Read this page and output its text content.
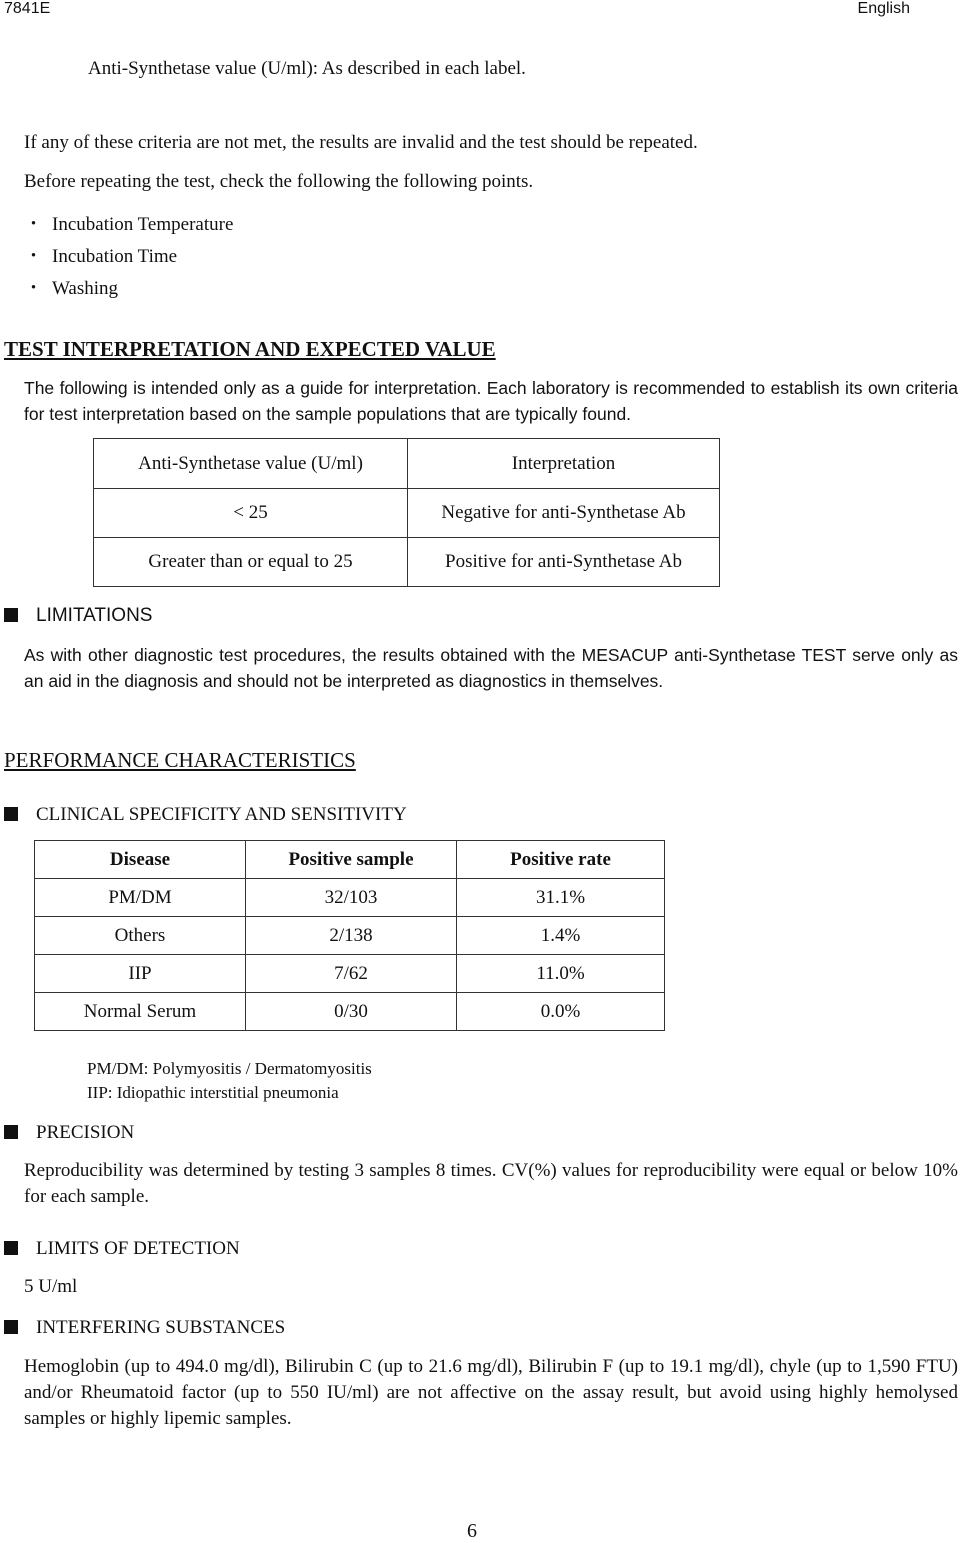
7841E	English
Anti-Synthetase value (U/ml): As described in each label.
If any of these criteria are not met, the results are invalid and the test should be repeated.
Before repeating the test, check the following the following points.
・ Incubation Temperature
・ Incubation Time
・ Washing
TEST INTERPRETATION AND EXPECTED VALUE
The following is intended only as a guide for interpretation. Each laboratory is recommended to establish its own criteria for test interpretation based on the sample populations that are typically found.
Anti-Synthetase value (U/ml)	Interpretation
< 25	Negative for anti-Synthetase Ab
Greater than or equal to 25	Positive for anti-Synthetase Ab
LIMITATIONS
As with other diagnostic test procedures, the results obtained with the MESACUP anti-Synthetase TEST serve only as an aid in the diagnosis and should not be interpreted as diagnostics in themselves.
PERFORMANCE CHARACTERISTICS
CLINICAL SPECIFICITY AND SENSITIVITY
Disease	Positive sample	Positive rate
PM/DM	32/103	31.1%
Others	2/138	1.4%
IIP	7/62	11.0%
Normal Serum	0/30	0.0%
PM/DM: Polymyositis / Dermatomyositis
IIP: Idiopathic interstitial pneumonia
PRECISION
Reproducibility was determined by testing 3 samples 8 times. CV(%) values for reproducibility were equal or below 10% for each sample.
LIMITS OF DETECTION
5 U/ml
INTERFERING SUBSTANCES
Hemoglobin (up to 494.0 mg/dl), Bilirubin C (up to 21.6 mg/dl), Bilirubin F (up to 19.1 mg/dl), chyle (up to 1,590 FTU) and/or Rheumatoid factor (up to 550 IU/ml) are not affective on the assay result, but avoid using highly hemolysed samples or highly lipemic samples.
6
